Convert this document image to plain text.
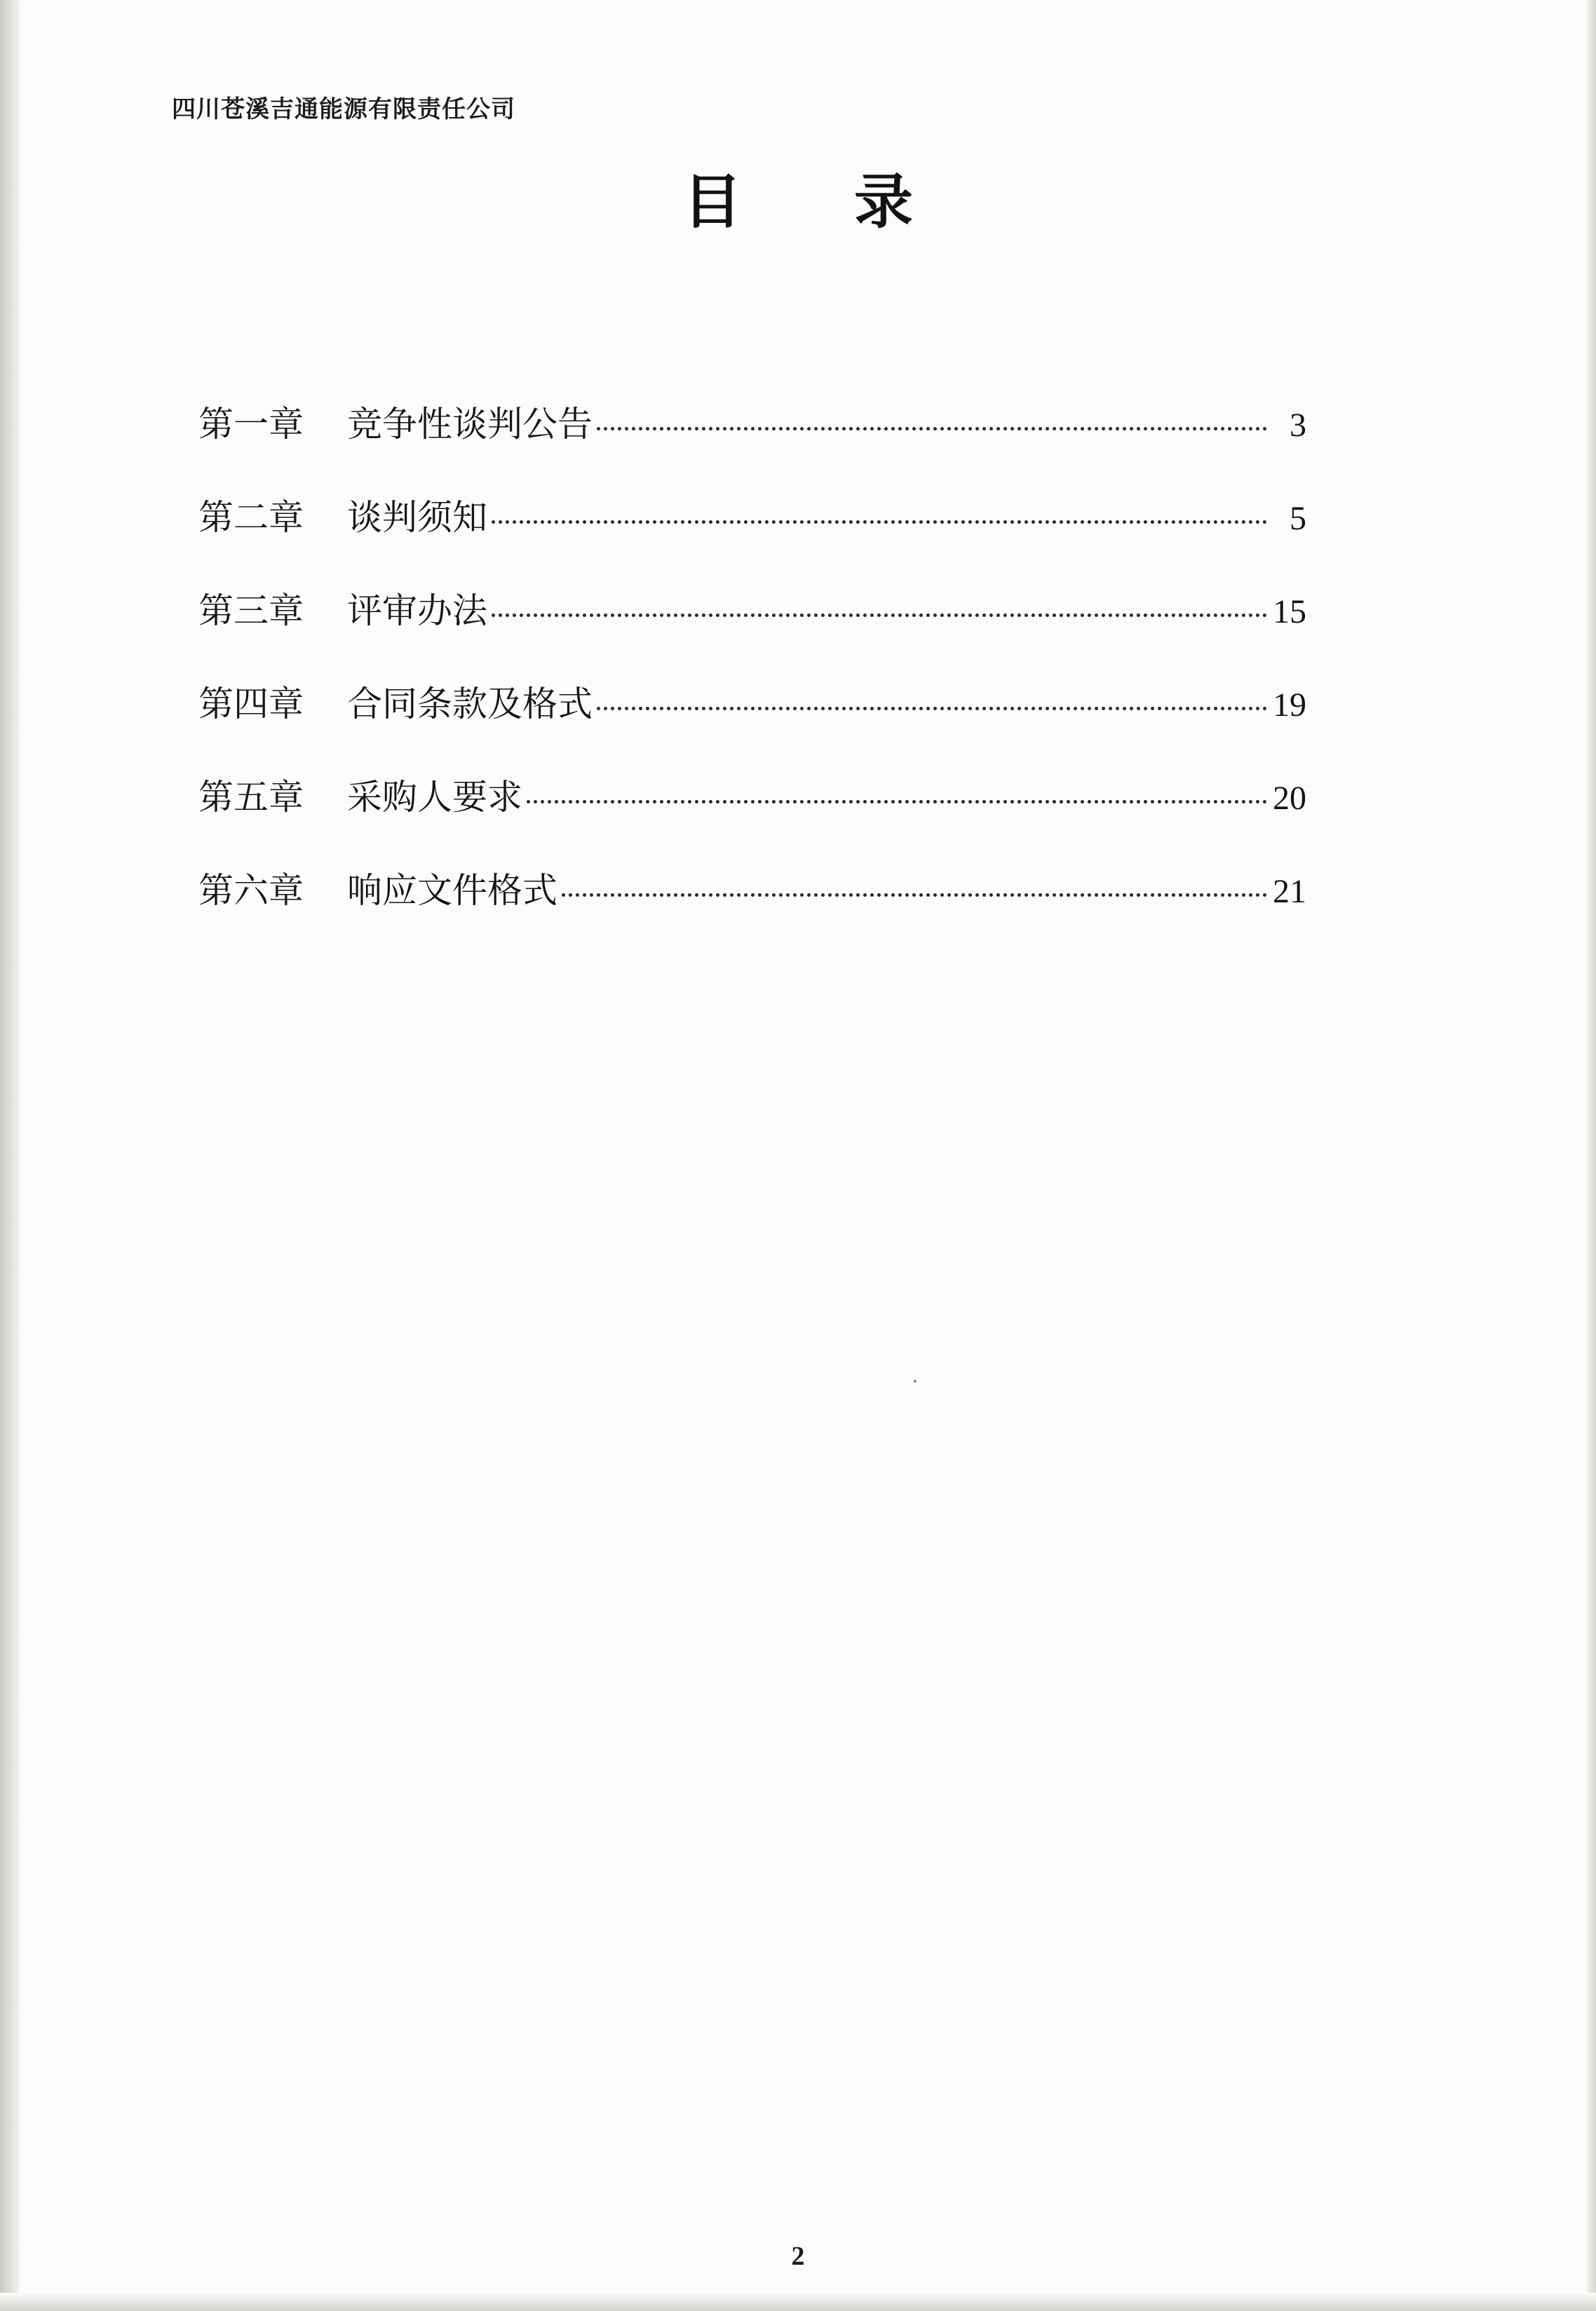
四川苍溪吉通能源有限责任公司
目录
第一章	竞争性谈判公告	3
第二章	谈判须知	5
第三章	评审办法	15
第四章	合同条款及格式	19
第五章	采购人要求	20
第六章	响应文件格式	21
2
